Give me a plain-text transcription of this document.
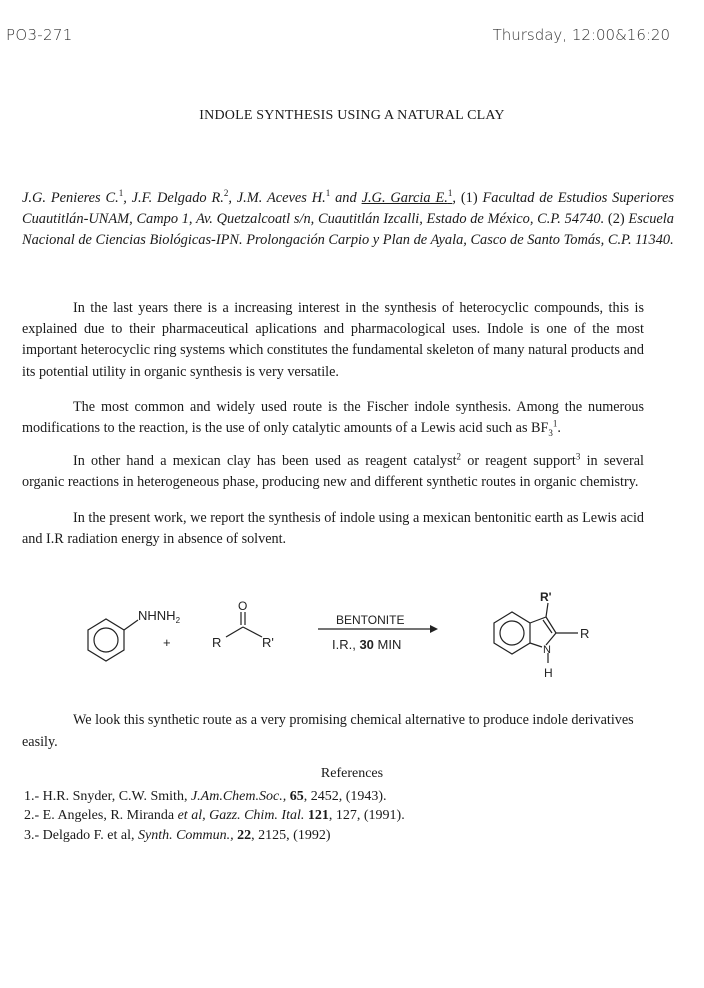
PO3-271	Thursday, 12:00&16:20
INDOLE SYNTHESIS USING A NATURAL CLAY
J.G. Penieres C.$^1$, J.F. Delgado R.$^2$, J.M. Aceves H.$^1$ and J.G. Garcia E.$^1$, (1) Facultad de Estudios Superiores Cuautitlán-UNAM, Campo 1, Av. Quetzalcoatl s/n, Cuautitlán Izcalli, Estado de México, C.P. 54740. (2) Escuela Nacional de Ciencias Biológicas-IPN. Prolongación Carpio y Plan de Ayala, Casco de Santo Tomás, C.P. 11340.
In the last years there is a increasing interest in the synthesis of heterocyclic compounds, this is explained due to their pharmaceutical aplications and pharmacological uses. Indole is one of the most important heterocyclic ring systems which constitutes the fundamental skeleton of many natural products and its potential utility in organic synthesis is very versatile.
The most common and widely used route is the Fischer indole synthesis. Among the numerous modifications to the reaction, is the use of only catalytic amounts of a Lewis acid such as $BF_3^1$.
In other hand a mexican clay has been used as reagent catalyst$^2$ or reagent support$^3$ in several organic reactions in heterogeneous phase, producing new and different synthetic routes in organic chemistry.
In the present work, we report the synthesis of indole using a mexican bentonitic earth as Lewis acid and I.R radiation energy in absence of solvent.
$NHNH_2$
+
O
R	R'
BENTONITE
I.R., 30 MIN
R'
R
N
H
We look this synthetic route as a very promising chemical alternative to produce indole derivatives easily.
References
1.- H.R. Snyder, C.W. Smith, J.Am.Chem.Soc., 65, 2452, (1943).
2.- E. Angeles, R. Miranda et al, Gazz. Chim. Ital. 121, 127, (1991).
3.- Delgado F. et al, Synth. Commun., 22, 2125, (1992)
